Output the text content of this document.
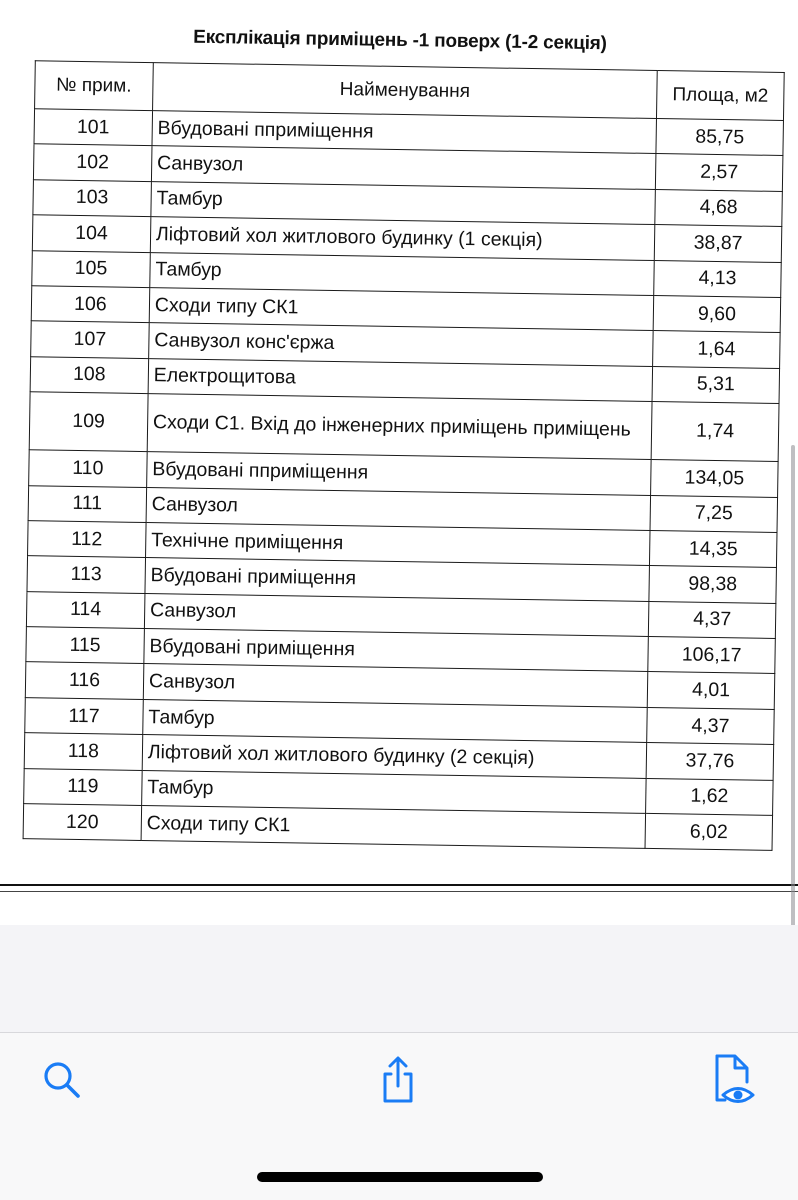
Експлікація приміщень -1 поверх (1-2 секція)
№ прим.	Найменування	Площа, м2
101	Вбудовані ппримiщення	85,75
102	Санвузол	2,57
103	Тамбур	4,68
104	Ліфтовий хол житлового будинку (1 секція)	38,87
105	Тамбур	4,13
106	Сходи типу СК1	9,60
107	Санвузол конс'єржа	1,64
108	Електрощитова	5,31
109	Сходи С1. Вхід до інженерних приміщень приміщень	1,74
110	Вбудовані ппримiщення	134,05
111	Санвузол	7,25
112	Технічне приміщення	14,35
113	Вбудовані приміщення	98,38
114	Санвузол	4,37
115	Вбудовані приміщення	106,17
116	Санвузол	4,01
117	Тамбур	4,37
118	Ліфтовий хол житлового будинку (2 секція)	37,76
119	Тамбур	1,62
120	Сходи типу СК1	6,02
